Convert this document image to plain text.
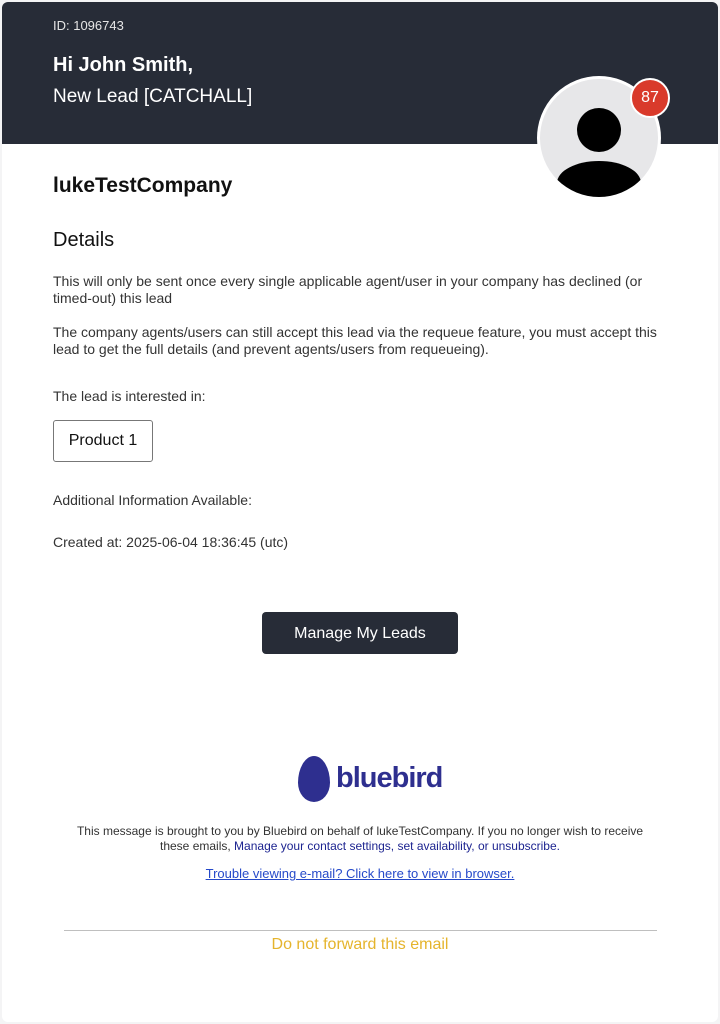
ID: 1096743
Hi John Smith,
New Lead [CATCHALL]	87
lukeTestCompany
Details

This will only be sent once every single applicable agent/user in your company has declined (or timed-out) this lead

The company agents/users can still accept this lead via the requeue feature, you must accept this lead to get the full details (and prevent agents/users from requeueing).

The lead is interested in:
Product 1
Additional Information Available:
Created at: 2025-06-04 18:36:45 (utc)
Manage My Leads
bluebird
This message is brought to you by Bluebird on behalf of lukeTestCompany. If you no longer wish to receive these emails, Manage your contact settings, set availability, or unsubscribe.
Trouble viewing e-mail? Click here to view in browser.
Do not forward this email
